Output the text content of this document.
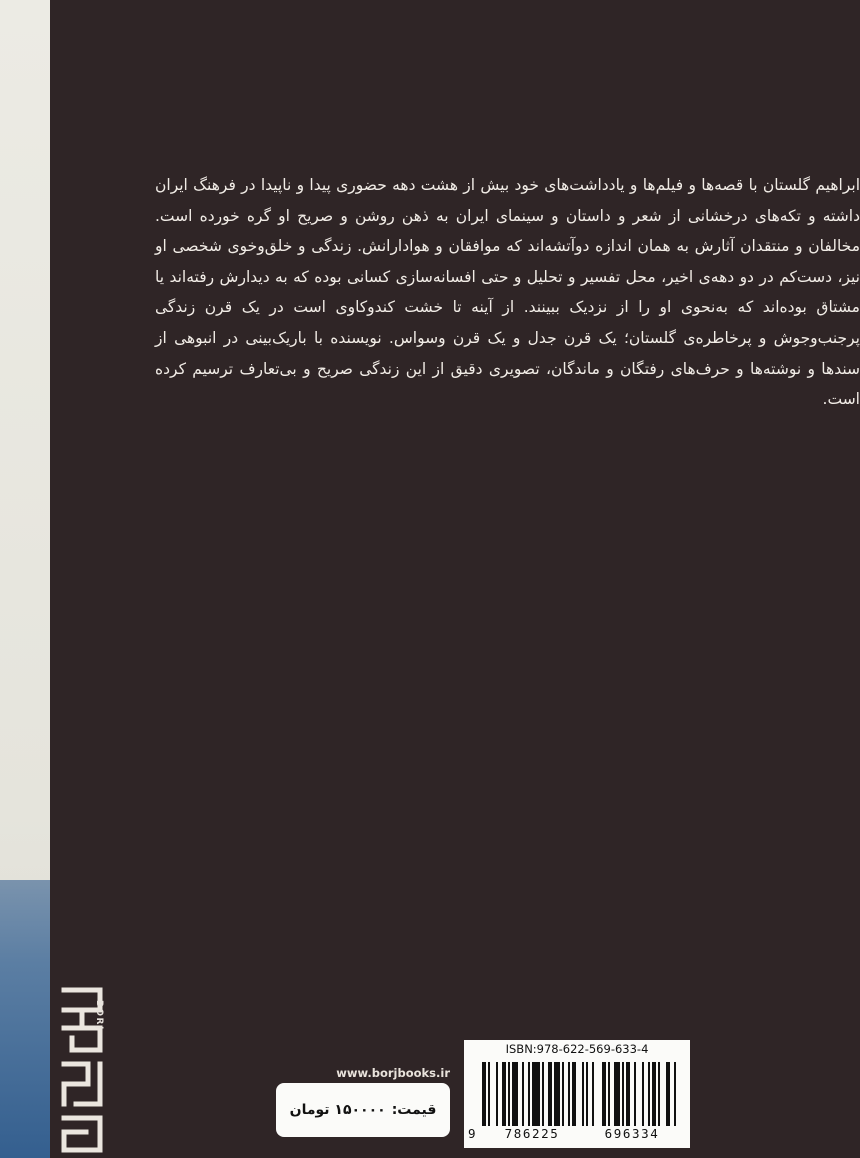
ابراهیم گلستان با قصه‌ها و فیلم‌ها و یادداشت‌های خود بیش از هشت دهه حضوری پیدا و ناپیدا در فرهنگ ایران داشته و تکه‌های درخشانی از شعر و داستان و سینمای ایران به ذهن روشن و صریح او گره خورده است. مخالفان و منتقدان آثارش به همان اندازه دوآتشه‌اند که موافقان و هوادارانش. زندگی و خلق‌وخوی شخصی او نیز، دست‌کم در دو دهه‌ی اخیر، محل تفسیر و تحلیل و حتی افسانه‌سازی کسانی بوده که به دیدارش رفته‌اند یا مشتاق بوده‌اند که به‌نحوی او را از نزدیک ببینند. از آینه تا خشت کندوکاوی است در یک قرن زندگی پرجنب‌وجوش و پرخاطره‌ی گلستان؛ یک قرن جدل و یک قرن وسواس. نویسنده با باریک‌بینی در انبوهی از سندها و نوشته‌ها و حرف‌های رفتگان و ماندگان، تصویری دقیق از این زندگی صریح و بی‌تعارف ترسیم کرده است.

BORJ
www.borjbooks.ir
قیمت:
۱۵۰۰۰۰ تومان
ISBN:978-622-569-633-4
9	786225	696334
